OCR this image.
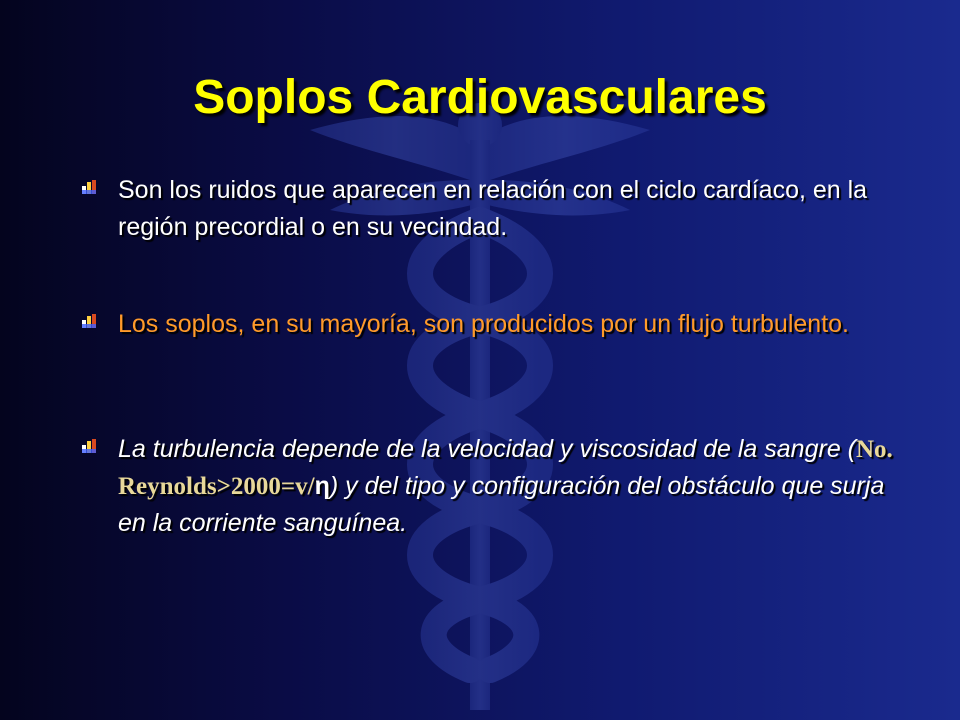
Soplos Cardiovasculares

Son los ruidos que aparecen en relación con el ciclo cardíaco, en la región precordial o en su vecindad.

Los soplos, en su mayoría, son producidos por un flujo turbulento.

La turbulencia depende de la velocidad y viscosidad de la sangre (No. Reynolds>2000=v/η) y del tipo y configuración del obstáculo que surja en la corriente sanguínea.
